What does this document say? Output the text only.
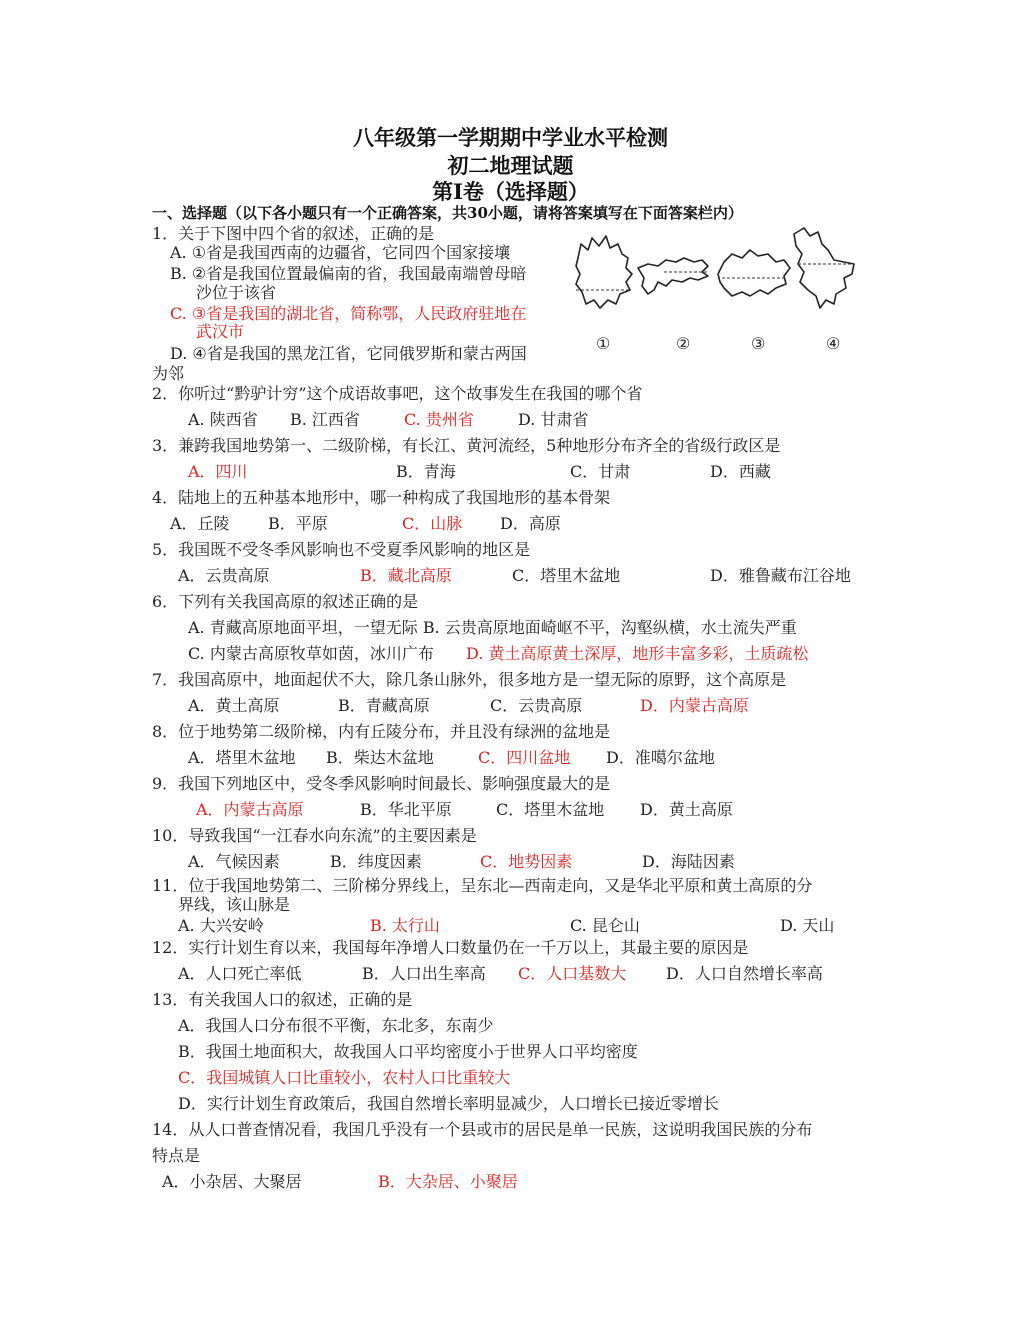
八年级第一学期期中学业水平检测
初二地理试题
第Ⅰ卷（选择题）
一、选择题（以下各小题只有一个正确答案，共30小题，请将答案填写在下面答案栏内）
1．关于下图中四个省的叙述，正确的是
A. ①省是我国西南的边疆省，它同四个国家接壤
B. ②省是我国位置最偏南的省，我国最南端曾母暗
沙位于该省
C. ③省是我国的湖北省，简称鄂，人民政府驻地在
武汉市
D. ④省是我国的黑龙江省，它同俄罗斯和蒙古两国
为邻
①	②	③	④
2．你听过“黔驴计穷”这个成语故事吧，这个故事发生在我国的哪个省
A. 陕西省 B. 江西省	C. 贵州省	D. 甘肃省
3．兼跨我国地势第一、二级阶梯，有长江、黄河流经，5种地形分布齐全的省级行政区是
A．四川	B．青海	C．甘肃	D．西藏
4．陆地上的五种基本地形中，哪一种构成了我国地形的基本骨架
A．丘陵 B．平原	C．山脉 D．高原
5．我国既不受冬季风影响也不受夏季风影响的地区是
A．云贵高原	B．藏北高原	C．塔里木盆地	D．雅鲁藏布江谷地
6．下列有关我国高原的叙述正确的是
A. 青藏高原地面平坦，一望无际 B. 云贵高原地面崎岖不平，沟壑纵横，水土流失严重
C. 内蒙古高原牧草如茵，冰川广布 D. 黄土高原黄土深厚，地形丰富多彩，土质疏松
7．我国高原中，地面起伏不大，除几条山脉外，很多地方是一望无际的原野，这个高原是
A．黄土高原	B．青藏高原	C．云贵高原	D．内蒙古高原
8．位于地势第二级阶梯，内有丘陵分布，并且没有绿洲的盆地是
A．塔里木盆地 B．柴达木盆地	C．四川盆地 D．准噶尔盆地
9．我国下列地区中，受冬季风影响时间最长、影响强度最大的是
A．内蒙古高原	B．华北平原	C．塔里木盆地 D．黄土高原
10．导致我国“一江春水向东流”的主要因素是
A．气候因素	B．纬度因素	C．地势因素	D．海陆因素
11．位于我国地势第二、三阶梯分界线上，呈东北—西南走向，又是华北平原和黄土高原的分
界线，该山脉是
A. 大兴安岭	B. 太行山	C. 昆仑山	D. 天山
12．实行计划生育以来，我国每年净增人口数量仍在一千万以上，其最主要的原因是
A．人口死亡率低	B．人口出生率高 C．人口基数大 D．人口自然增长率高
13．有关我国人口的叙述，正确的是
A．我国人口分布很不平衡，东北多，东南少
B．我国土地面积大，故我国人口平均密度小于世界人口平均密度
C．我国城镇人口比重较小，农村人口比重较大
D．实行计划生育政策后，我国自然增长率明显减少，人口增长已接近零增长
14．从人口普查情况看，我国几乎没有一个县或市的居民是单一民族，这说明我国民族的分布
特点是
A．小杂居、大聚居	B．大杂居、小聚居
